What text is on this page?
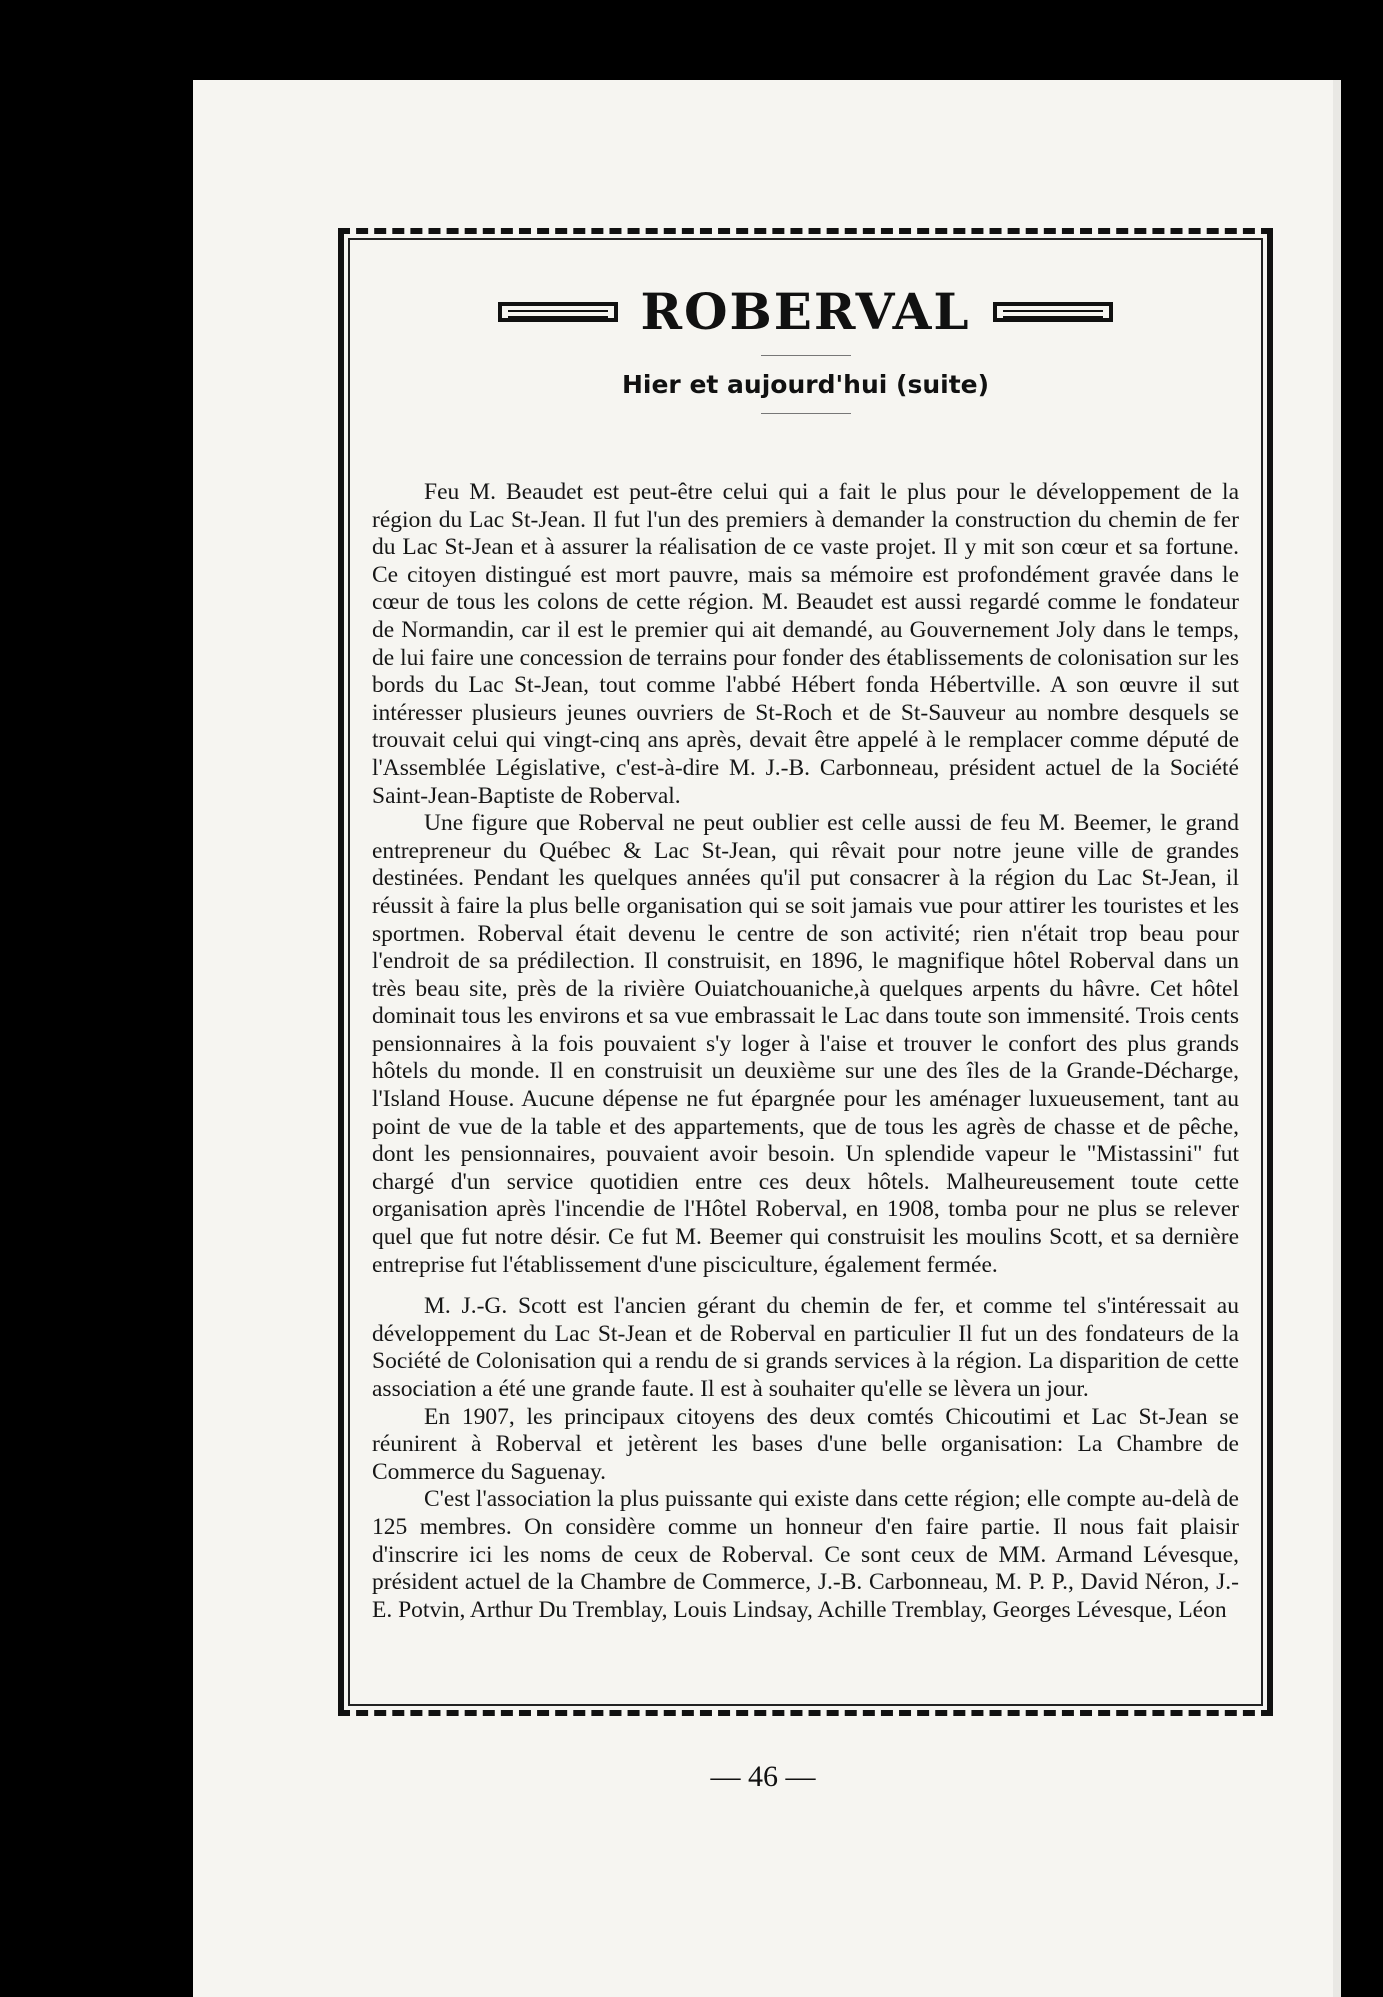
ROBERVAL
Hier et aujourd'hui (suite)

Feu M. Beaudet est peut-être celui qui a fait le plus pour le développement de la région du Lac St-Jean. Il fut l'un des premiers à demander la construction du chemin de fer du Lac St-Jean et à assurer la réalisation de ce vaste projet. Il y mit son cœur et sa fortune. Ce citoyen distingué est mort pauvre, mais sa mémoire est profondément gravée dans le cœur de tous les colons de cette région. M. Beaudet est aussi regardé comme le fondateur de Normandin, car il est le premier qui ait demandé, au Gouvernement Joly dans le temps, de lui faire une concession de terrains pour fonder des établissements de colonisation sur les bords du Lac St-Jean, tout comme l'abbé Hébert fonda Hébertville. A son œuvre il sut intéresser plusieurs jeunes ouvriers de St-Roch et de St-Sauveur au nombre desquels se trouvait celui qui vingt-cinq ans après, devait être appelé à le remplacer comme député de l'Assemblée Législative, c'est-à-dire M. J.-B. Carbonneau, président actuel de la Société Saint-Jean-Baptiste de Roberval.

Une figure que Roberval ne peut oublier est celle aussi de feu M. Beemer, le grand entrepreneur du Québec & Lac St-Jean, qui rêvait pour notre jeune ville de grandes destinées. Pendant les quelques années qu'il put consacrer à la région du Lac St-Jean, il réussit à faire la plus belle organisation qui se soit jamais vue pour attirer les touristes et les sportmen. Roberval était devenu le centre de son activité; rien n'était trop beau pour l'endroit de sa prédilection. Il construisit, en 1896, le magnifique hôtel Roberval dans un très beau site, près de la rivière Ouiatchouaniche,à quelques arpents du hâvre. Cet hôtel dominait tous les environs et sa vue embrassait le Lac dans toute son immensité. Trois cents pensionnaires à la fois pouvaient s'y loger à l'aise et trouver le confort des plus grands hôtels du monde. Il en construisit un deuxième sur une des îles de la Grande-Décharge, l'Island House. Aucune dépense ne fut épargnée pour les aménager luxueusement, tant au point de vue de la table et des appartements, que de tous les agrès de chasse et de pêche, dont les pensionnaires, pouvaient avoir besoin. Un splendide vapeur le "Mistassini" fut chargé d'un service quotidien entre ces deux hôtels. Malheureusement toute cette organisation après l'incendie de l'Hôtel Roberval, en 1908, tomba pour ne plus se relever quel que fut notre désir. Ce fut M. Beemer qui construisit les moulins Scott, et sa dernière entreprise fut l'établissement d'une pisciculture, également fermée.

M. J.-G. Scott est l'ancien gérant du chemin de fer, et comme tel s'intéressait au développement du Lac St-Jean et de Roberval en particulier Il fut un des fondateurs de la Société de Colonisation qui a rendu de si grands services à la région. La disparition de cette association a été une grande faute. Il est à souhaiter qu'elle se lèvera un jour.

En 1907, les principaux citoyens des deux comtés Chicoutimi et Lac St-Jean se réunirent à Roberval et jetèrent les bases d'une belle organisation: La Chambre de Commerce du Saguenay.

C'est l'association la plus puissante qui existe dans cette région; elle compte au-delà de 125 membres. On considère comme un honneur d'en faire partie. Il nous fait plaisir d'inscrire ici les noms de ceux de Roberval. Ce sont ceux de MM. Armand Lévesque, président actuel de la Chambre de Commerce, J.-B. Carbonneau, M. P. P., David Néron, J.-E. Potvin, Arthur Du Tremblay, Louis Lindsay, Achille Tremblay, Georges Lévesque, Léon

— 46 —
